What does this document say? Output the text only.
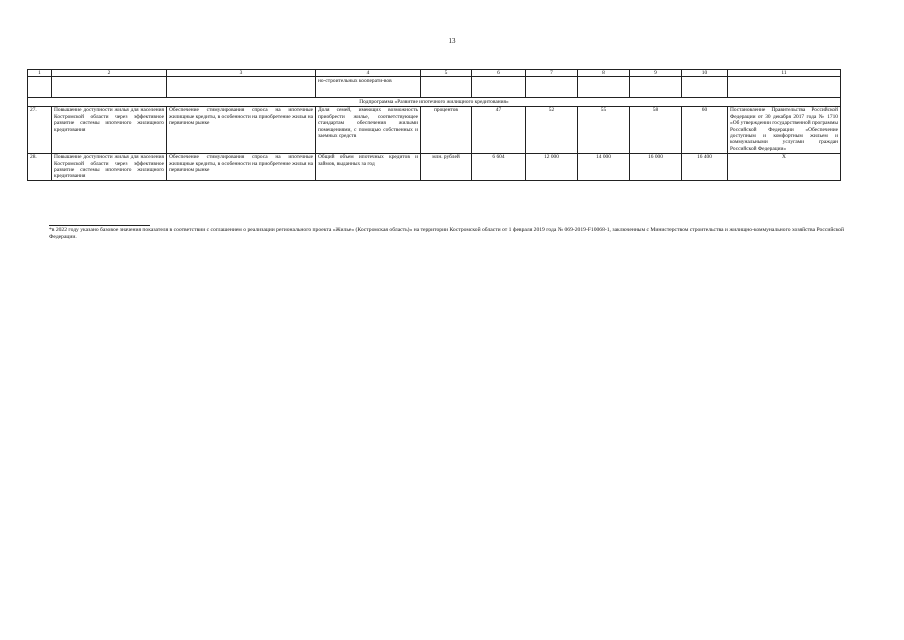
13
1	2	3	4	5	6	7	8	9	10	11
			но-строительных кооперати-вов							
Подпрограмма «Развитие ипотечного жилищного кредитования»										
27.	Повышение доступности жилья для населения Костромской области через эффективное развитие системы ипотечного жилищного кредитования	Обеспечение стимулирования спроса на ипотечные жилищные кредиты, в особенности на приобретение жилья на первичном рынке	Доля семей, имеющих возможность приобрести жилье, соответствующее стандартам обеспечения жилыми помещениями, с помощью собственных и заемных средств	процентов	47	52	55	58	60	Постановление Правительства Российской Федерации от 30 декабря 2017 года № 1710 «Об утверждении государственной программы Российской Федерации «Обеспечение доступным и комфортным жильем и коммунальными услугами граждан Российской Федерации»
28.	Повышение доступности жилья для населения Костромской области через эффективное развитие системы ипотечного жилищного кредитования	Обеспечение стимулирования спроса на ипотечные жилищные кредиты, в особенности на приобретение жилья на первичном рынке	Общий объем ипотечных кредитов и займов, выданных за год	млн. рублей	6 604	12 000	14 000	16 000	16 400	Х
*в 2022 году указано базовое значения показателя в соответствии с соглашением о реализации регионального проекта «Жилье» (Костромская область)» на территории Костромской области от 1 февраля 2019 года № 069-2019-F10068-1, заключенным с Министерством строительства и жилищно-коммунального хозяйства Российской Федерации.
